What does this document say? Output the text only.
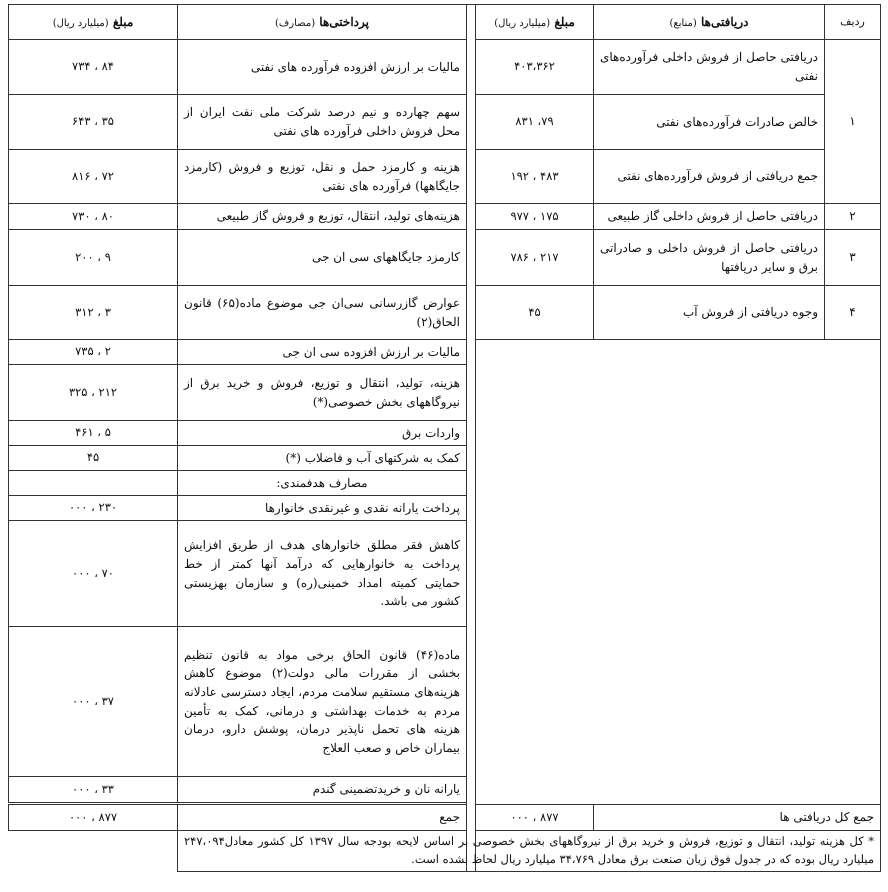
ردیف	دریافتی‌ها (منابع)	مبلغ (میلیارد ریال)		پرداختی‌ها (مصارف)	مبلغ (میلیارد ریال)
۱	دریافتی حاصل از فروش داخلی فرآورده‌های نفتی	۴۰۳،۳۶۲		مالیات بر ارزش افزوده فرآورده های نفتی	۸۴ ، ۷۳۴
	خالص صادرات فرآورده‌های نفتی	۷۹، ۸۳۱		سهم چهارده و نیم درصد شرکت ملی نفت ایران از محل فروش داخلی فرآورده های نفتی	۳۵ ، ۶۴۳
	جمع دریافتی از فروش فرآورده‌های نفتی	۴۸۳ ، ۱۹۲		هزینه و کارمزد حمل و نقل، توزیع و فروش (کارمزد جایگاهها) فرآورده های نفتی	۷۲ ، ۸۱۶
۲	دریافتی حاصل از فروش داخلی گاز طبیعی	۱۷۵ ، ۹۷۷		هزینه‌های تولید، انتقال، توزیع و فروش گاز طبیعی	۸۰ ، ۷۳۰
۳	دریافتی حاصل از فروش داخلی و صادراتی برق و سایر دریافتها	۲۱۷ ، ۷۸۶		کارمزد جایگاههای سی ان جی	۹ ، ۲۰۰
۴	وجوه دریافتی از فروش آب	۴۵		عوارض گازرسانی سی‌ان جی موضوع ماده(۶۵) قانون الحاق(۲)	۳ ، ۳۱۲
				مالیات بر ارزش افزوده سی ان جی	۲ ، ۷۳۵
				هزینه، تولید، انتقال و توزیع، فروش و خرید برق از نیروگاههای بخش خصوصی(*)	۲۱۲ ، ۳۲۵
				واردات برق	۵ ، ۴۶۱
				کمک به شرکتهای آب و فاضلاب (*)	۴۵
				مصارف هدفمندی:	
				پرداخت یارانه نقدی و غیرنقدی خانوارها	۲۳۰ ، ۰۰۰
				کاهش فقر مطلق خانوارهای هدف از طریق افزایش پرداخت به خانوارهایی که درآمد آنها کمتر از خط حمایتی کمیته امداد خمینی(ره) و سازمان بهزیستی کشور می باشد.	۷۰ ، ۰۰۰
				ماده(۴۶) قانون الحاق برخی مواد به قانون تنظیم بخشی از مقررات مالی دولت(۲) موضوع کاهش هزینه‌های مستقیم سلامت مردم، ایجاد دسترسی عادلانه مردم به خدمات بهداشتی و درمانی، کمک به تأمین هزینه های تحمل ناپذیر درمان، پوشش دارو، درمان بیماران خاص و صعب العلاج	۳۷ ، ۰۰۰
				یارانه نان و خریدتضمینی گندم	۳۳ ، ۰۰۰

جمع کل دریافتی ها		۸۷۷ ، ۰۰۰		جمع	۸۷۷ ، ۰۰۰
* کل هزینه تولید، انتقال و توزیع، فروش و خرید برق از نیروگاههای بخش خصوصی بر اساس لایحه بودجه سال ۱۳۹۷ کل کشور معادل۲۴۷،۰۹۴ میلیارد ریال بوده که در جدول فوق زیان صنعت برق معادل ۳۴،۷۶۹ میلیارد ریال لحاظ نشده است.					
